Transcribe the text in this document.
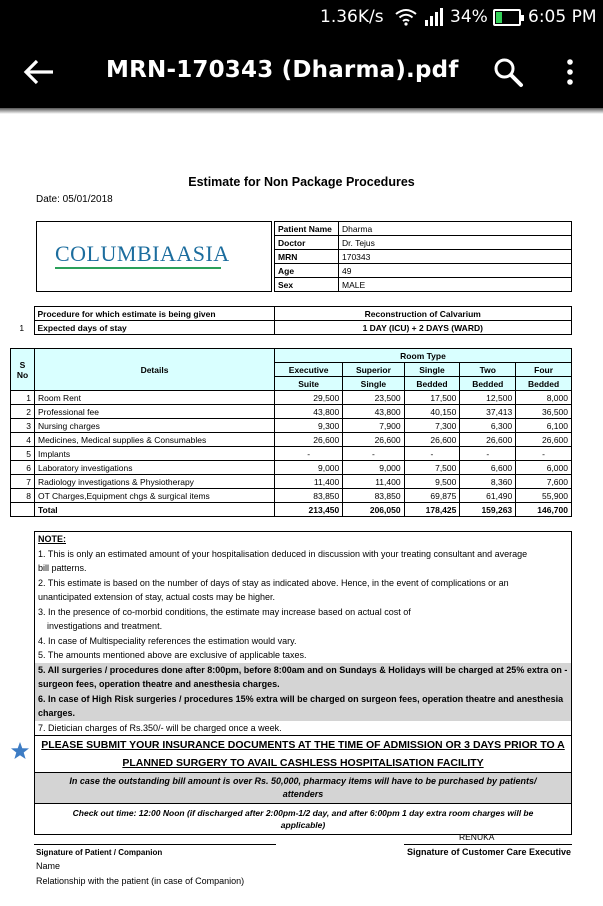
1.36K/s	34% 6:05 PM
MRN-170343 (Dharma).pdf
Estimate for Non Package Procedures
Date: 05/01/2018
COLUMBIAASIA
Patient Name	Dharma
Doctor	Dr. Tejus
MRN	170343
Age	49
Sex	MALE
	Procedure for which estimate is being given	Reconstruction of Calvarium
1	Expected days of stay	1 DAY (ICU) + 2 DAYS (WARD)
S No	Details	Room Type				
		Executive	Superior	Single	Two	Four
		Suite	Single	Bedded	Bedded	Bedded
1	Room Rent	29,500	23,500	17,500	12,500	8,000
2	Professional fee	43,800	43,800	40,150	37,413	36,500
3	Nursing charges	9,300	7,900	7,300	6,300	6,100
4	Medicines, Medical supplies & Consumables	26,600	26,600	26,600	26,600	26,600
5	Implants	-	-	-	-	-
6	Laboratory investigations	9,000	9,000	7,500	6,600	6,000
7	Radiology investigations & Physiotherapy	11,400	11,400	9,500	8,360	7,600
8	OT Charges,Equipment chgs & surgical items	83,850	83,850	69,875	61,490	55,900
	Total	213,450	206,050	178,425	159,263	146,700
NOTE:
1. This is only an estimated amount of your hospitalisation deduced in discussion with your treating consultant and average
bill patterns.
2. This estimate is based on the number of days of stay as indicated above. Hence, in the event of complications or an
unanticipated extension of stay, actual costs may be higher.
3. In the presence of co-morbid conditions, the estimate may increase based on actual cost of
investigations and treatment.
4. In case of Multispeciality references the estimation would vary.
5. The amounts mentioned above are exclusive of applicable taxes.
5. All surgeries / procedures done after 8:00pm, before 8:00am and on Sundays & Holidays will be charged at 25% extra on -
surgeon fees, operation theatre and anesthesia charges.
6. In case of High Risk surgeries / procedures 15% extra will be charged on surgeon fees, operation theatre and anesthesia
charges.
7. Dietician charges of Rs.350/- will be charged once a week.
PLEASE SUBMIT YOUR INSURANCE DOCUMENTS AT THE TIME OF ADMISSION OR 3 DAYS PRIOR TO A
PLANNED SURGERY TO AVAIL CASHLESS HOSPITALISATION FACILITY
In case the outstanding bill amount is over Rs. 50,000, pharmacy items will have to be purchased by patients/
attenders
Check out time: 12:00 Noon (if discharged after 2:00pm-1/2 day, and after 6:00pm 1 day extra room charges will be
applicable)
RENUKA
Signature of Patient / Companion	Signature of Customer Care Executive
Name
Relationship with the patient (in case of Companion)
